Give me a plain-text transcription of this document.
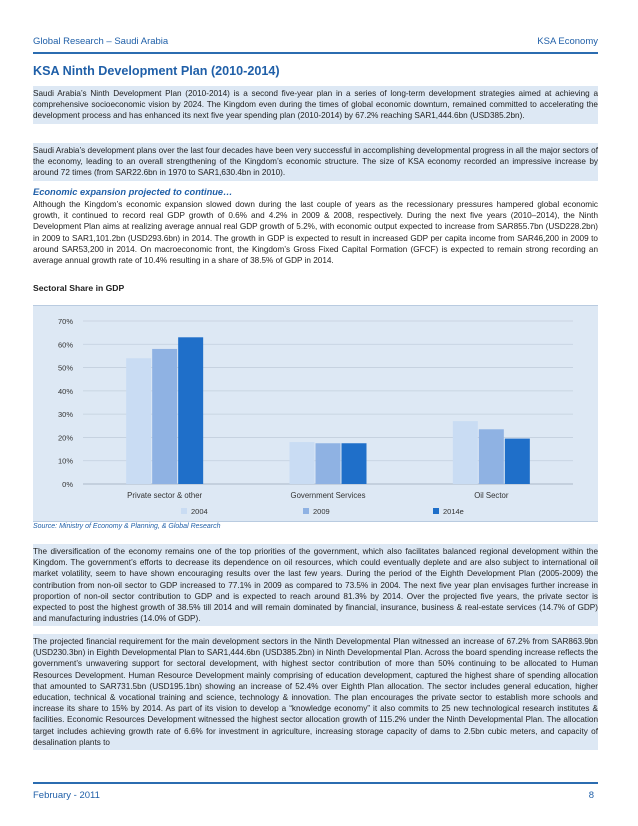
Global Research – Saudi Arabia	KSA Economy
KSA Ninth Development Plan (2010-2014)

Saudi Arabia’s Ninth Development Plan (2010-2014) is a second five-year plan in a series of long-term development strategies aimed at achieving a comprehensive socioeconomic vision by 2024. The Kingdom even during the times of global economic downturn, remained committed to accelerating the development process and has enhanced its next five year spending plan (2010-2014) by 67.2% reaching SAR1,444.6bn (USD385.2bn).

Saudi Arabia’s development plans over the last four decades have been very successful in accomplishing developmental progress in all the major sectors of the economy, leading to an overall strengthening of the Kingdom’s economic structure. The size of KSA economy recorded an impressive increase by around 72 times (from SAR22.6bn in 1970 to SAR1,630.4bn in 2010).

Economic expansion projected to continue…

Although the Kingdom’s economic expansion slowed down during the last couple of years as the recessionary pressures hampered global economic growth, it continued to record real GDP growth of 0.6% and 4.2% in 2009 & 2008, respectively. During the next five years (2010–2014), the Ninth Development Plan aims at realizing average annual real GDP growth of 5.2%, with economic output expected to increase from SAR855.7bn (USD228.2bn) in 2009 to SAR1,101.2bn (USD293.6bn) in 2014. The growth in GDP is expected to result in increased GDP per capita income from SAR46,200 in 2009 to around SAR53,200 in 2014. On macroeconomic front, the Kingdom’s Gross Fixed Capital Formation (GFCF) is expected to remain strong recording an average annual growth rate of 10.4% resulting in a share of 38.5% of GDP in 2014.

Sectoral Share in GDP
0%
10%
20%
30%
40%
50%
60%
70%
Private sector & other	Government Services	Oil Sector
2004	2009	2014e
Source: Ministry of Economy & Planning, & Global Research

The diversification of the economy remains one of the top priorities of the government, which also facilitates balanced regional development within the Kingdom. The government’s efforts to decrease its dependence on oil resources, which could eventually deplete and are also subject to international oil market volatility, seem to have shown encouraging results over the last few years. During the period of the Eighth Development Plan (2005-2009) the contribution from non-oil sector to GDP increased to 77.1% in 2009 as compared to 73.5% in 2004. The next five year plan envisages further increase in proportion of non-oil sector contribution to GDP and is expected to reach around 81.3% by 2014. Over the projected five years, the private sector is expected to post the highest growth of 38.5% till 2014 and will remain dominated by financial, insurance, business & real-estate services (14.7% of GDP) and manufacturing industries (14.0% of GDP).

The projected financial requirement for the main development sectors in the Ninth Developmental Plan witnessed an increase of 67.2% from SAR863.9bn (USD230.3bn) in Eighth Developmental Plan to SAR1,444.6bn (USD385.2bn) in Ninth Developmental Plan. Across the board spending increase reflects the government’s unwavering support for sectoral development, with highest sector contribution of more than 50% continuing to be allocated to Human Resources Development. Human Resource Development mainly comprising of education development, captured the highest share of spending allocation that amounted to SAR731.5bn (USD195.1bn) showing an increase of 52.4% over Eighth Plan allocation. The sector includes general education, higher education, technical & vocational training and science, technology & innovation. The plan encourages the private sector to establish more schools and increase its share to 15% by 2014. As part of its vision to develop a “knowledge economy” it also commits to 25 new technological research institutes & facilities. Economic Resources Development witnessed the highest sector allocation growth of 115.2% under the Ninth Developmental Plan. The allocation target includes achieving growth rate of 6.6% for investment in agriculture, increasing storage capacity of dams to 2.5bn cubic meters, and capacity of desalination plants to

February - 2011	8
